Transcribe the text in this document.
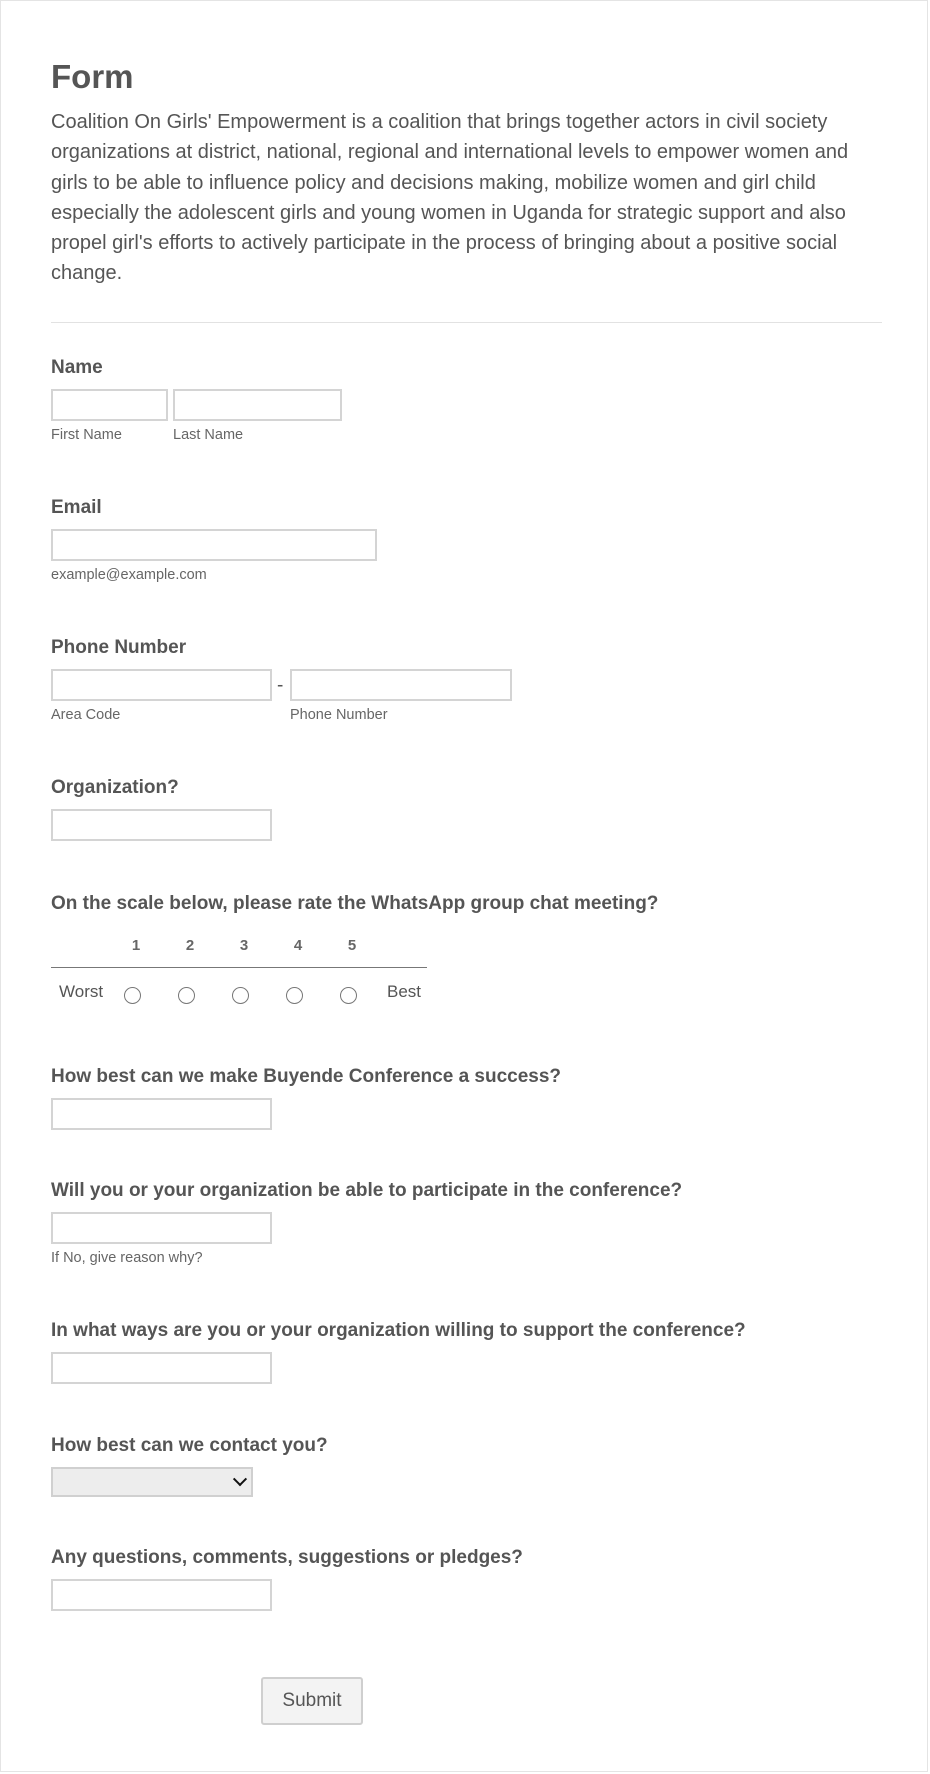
Form

Coalition On Girls' Empowerment is a coalition that brings together actors in civil society organizations at district, national, regional and international levels to empower women and girls to be able to influence policy and decisions making, mobilize women and girl child especially the adolescent girls and young women in Uganda for strategic support and also propel girl's efforts to actively participate in the process of bringing about a positive social change.

Name
First Name	Last Name
Email
example@example.com
Phone Number
-
Area Code	Phone Number
Organization?
On the scale below, please rate the WhatsApp group chat meeting?
1	2	3	4	5
Worst	Best
How best can we make Buyende Conference a success?
Will you or your organization be able to participate in the conference?
If No, give reason why?
In what ways are you or your organization willing to support the conference?
How best can we contact you?
Any questions, comments, suggestions or pledges?
Submit
